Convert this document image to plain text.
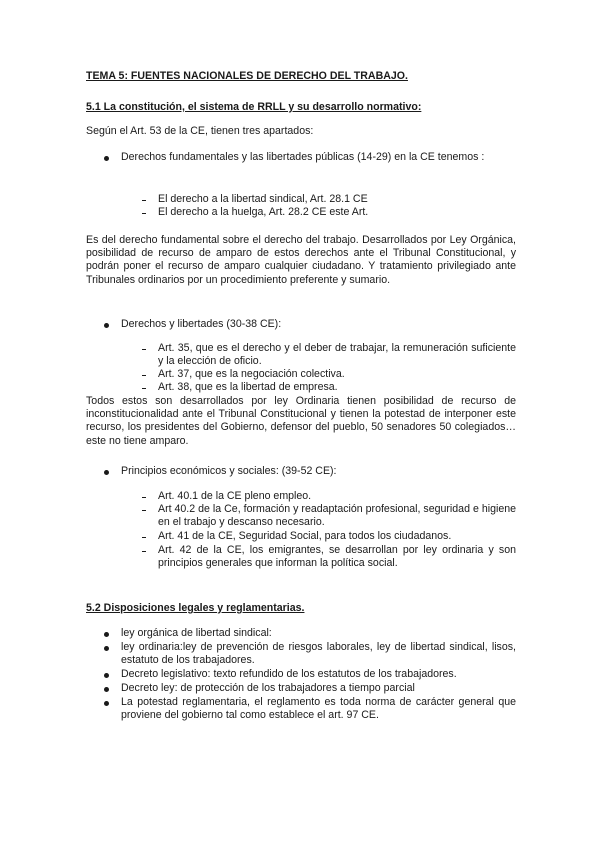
TEMA 5: FUENTES NACIONALES DE DERECHO DEL TRABAJO.
5.1 La constitución, el sistema de RRLL y su desarrollo normativo:
Según el Art. 53 de la CE, tienen tres apartados:
Derechos fundamentales y las libertades públicas (14-29) en la CE tenemos :
El derecho a la libertad sindical, Art. 28.1 CE
El derecho a la huelga, Art. 28.2 CE este Art.
Es del derecho fundamental sobre el derecho del trabajo. Desarrollados por Ley Orgánica, posibilidad de recurso de amparo de estos derechos ante el Tribunal Constitucional, y podrán poner el recurso de amparo cualquier ciudadano. Y tratamiento privilegiado ante Tribunales ordinarios por un procedimiento preferente y sumario.
Derechos y libertades (30-38 CE):
Art. 35, que es el derecho y el deber de trabajar, la remuneración suficiente y la elección de oficio.
Art. 37, que es la negociación colectiva.
Art. 38, que es la libertad de empresa.
Todos estos son desarrollados por ley Ordinaria tienen posibilidad de recurso de inconstitucionalidad ante el Tribunal Constitucional y tienen la potestad de interponer este recurso, los presidentes del Gobierno, defensor del pueblo, 50 senadores 50 colegiados… este no tiene amparo.
Principios económicos y sociales: (39-52 CE):
Art. 40.1 de la CE pleno empleo.
Art 40.2 de la Ce, formación y readaptación profesional, seguridad e higiene en el trabajo y descanso necesario.
Art. 41 de la CE, Seguridad Social, para todos los ciudadanos.
Art. 42 de la CE, los emigrantes, se desarrollan por ley ordinaria y son principios generales que informan la política social.
5.2 Disposiciones legales y reglamentarias.
ley orgánica de libertad sindical:
ley ordinaria:ley de prevención de riesgos laborales, ley de libertad sindical, lisos, estatuto de los trabajadores.
Decreto legislativo: texto refundido de los estatutos de los trabajadores.
Decreto ley: de protección de los trabajadores a tiempo parcial
La potestad reglamentaria, el reglamento es toda norma de carácter general que proviene del gobierno tal como establece el art. 97 CE.
